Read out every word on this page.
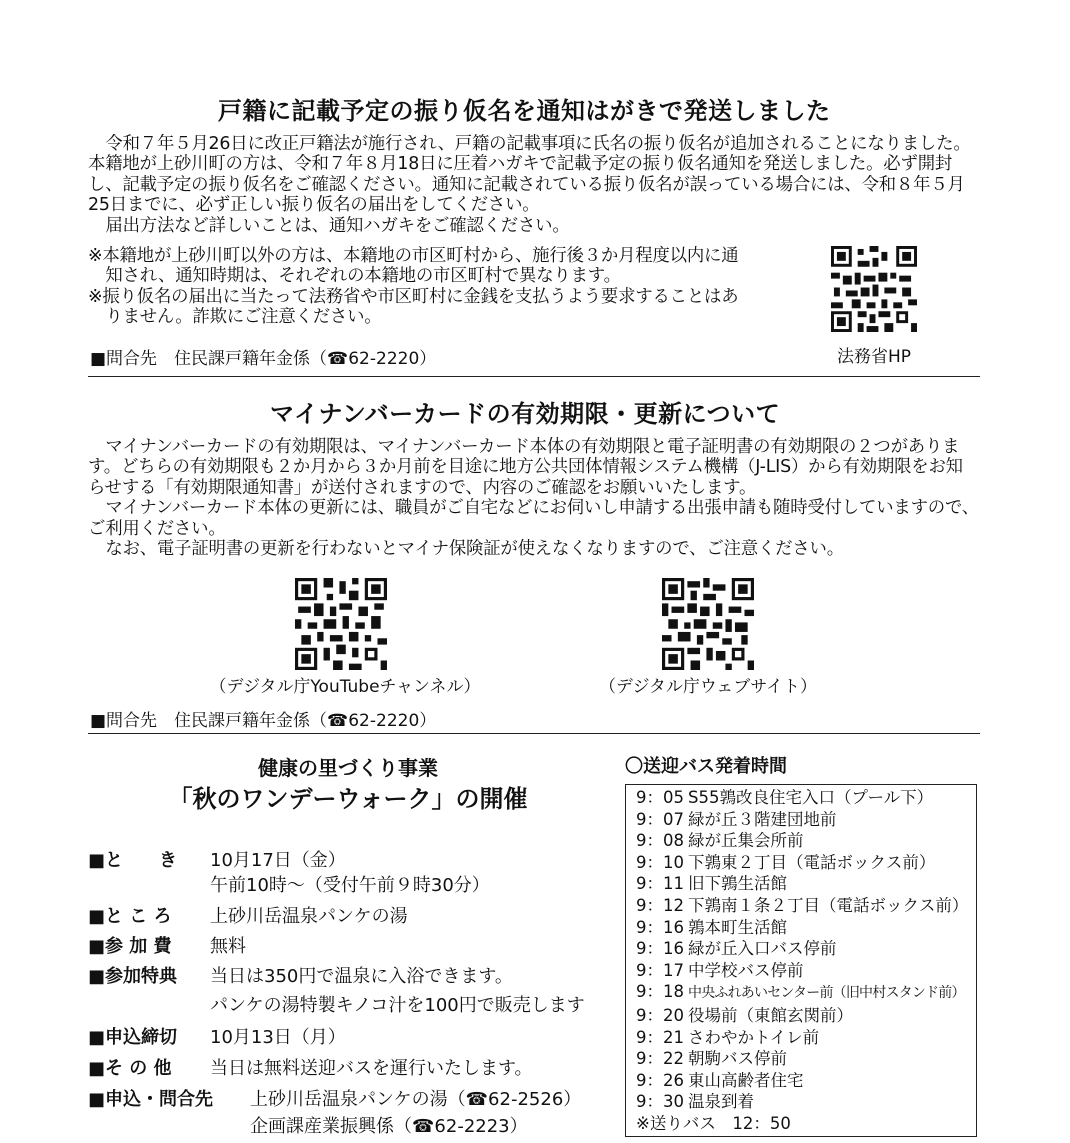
戸籍に記載予定の振り仮名を通知はがきで発送しました

令和７年５月26日に改正戸籍法が施行され、戸籍の記載事項に氏名の振り仮名が追加されることになりました。本籍地が上砂川町の方は、令和７年８月18日に圧着ハガキで記載予定の振り仮名通知を発送しました。必ず開封し、記載予定の振り仮名をご確認ください。通知に記載されている振り仮名が誤っている場合には、令和８年５月25日までに、必ず正しい振り仮名の届出をしてください。

届出方法など詳しいことは、通知ハガキをご確認ください。

※本籍地が上砂川町以外の方は、本籍地の市区町村から、施行後３か月程度以内に通知され、通知時期は、それぞれの本籍地の市区町村で異なります。

※振り仮名の届出に当たって法務省や市区町村に金銭を支払うよう要求することはありません。詐欺にご注意ください。

法務省HP
■問合先　住民課戸籍年金係（☎62-2220）
マイナンバーカードの有効期限・更新について

マイナンバーカードの有効期限は、マイナンバーカード本体の有効期限と電子証明書の有効期限の２つがあります。どちらの有効期限も２か月から３か月前を目途に地方公共団体情報システム機構（J-LIS）から有効期限をお知らせする「有効期限通知書」が送付されますので、内容のご確認をお願いいたします。

マイナンバーカード本体の更新には、職員がご自宅などにお伺いし申請する出張申請も随時受付していますので、ご利用ください。

なお、電子証明書の更新を行わないとマイナ保険証が使えなくなりますので、ご注意ください。

（デジタル庁YouTubeチャンネル）	（デジタル庁ウェブサイト）
■問合先　住民課戸籍年金係（☎62-2220）
健康の里づくり事業
「秋のワンデーウォーク」の開催
■と　　き	10月17日（金）
午前10時～（受付午前９時30分）
■と こ ろ	上砂川岳温泉パンケの湯
■参 加 費	無料
■参加特典	当日は350円で温泉に入浴できます。
パンケの湯特製キノコ汁を100円で販売します
■申込締切	10月13日（月）
■そ の 他	当日は無料送迎バスを運行いたします。
■申込・問合先	上砂川岳温泉パンケの湯（☎62-2526）
企画課産業振興係（☎62-2223）
〇送迎バス発着時間
9：05 S55鶉改良住宅入口（プール下）
9：07 緑が丘３階建団地前
9：08 緑が丘集会所前
9：10 下鶉東２丁目（電話ボックス前）
9：11 旧下鶉生活館
9：12 下鶉南１条２丁目（電話ボックス前）
9：16 鶉本町生活館
9：16 緑が丘入口バス停前
9：17 中学校バス停前
9：18 中央ふれあいセンター前（旧中村スタンド前）
9：20 役場前（東館玄関前）
9：21 さわやかトイレ前
9：22 朝駒バス停前
9：26 東山高齢者住宅
9：30 温泉到着
※送りバス　12：50
